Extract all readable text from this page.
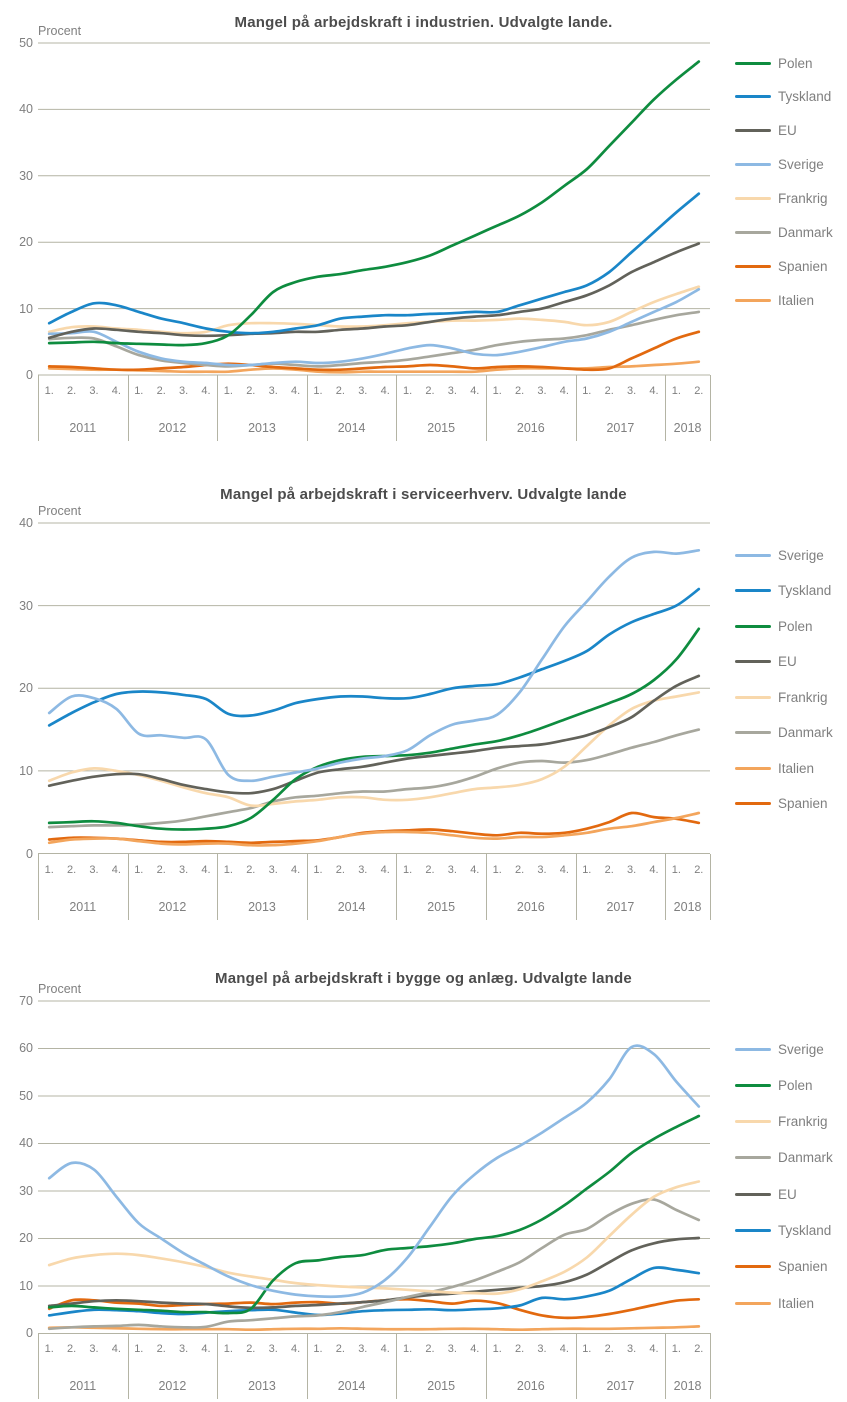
Mangel på arbejdskraft i industrien. Udvalgte lande.
Procent
50
40
30
20
10
0
1.	2.	3.	4.
2011
1.	2.	3.	4.
2012
1.	2.	3.	4.
2013
1.	2.	3.	4.
2014
1.	2.	3.	4.
2015
1.	2.	3.	4.
2016
1.	2.	3.	4.
2017
1.	2.
2018
Polen
Tyskland
EU
Sverige
Frankrig
Danmark
Spanien
Italien
Mangel på arbejdskraft i serviceerhverv. Udvalgte lande
Procent
40
30
20
10
0
1.	2.	3.	4.
2011
1.	2.	3.	4.
2012
1.	2.	3.	4.
2013
1.	2.	3.	4.
2014
1.	2.	3.	4.
2015
1.	2.	3.	4.
2016
1.	2.	3.	4.
2017
1.	2.
2018
Sverige
Tyskland
Polen
EU
Frankrig
Danmark
Italien
Spanien
Mangel på arbejdskraft i bygge og anlæg. Udvalgte lande
Procent
70
60
50
40
30
20
10
0
1.	2.	3.	4.
2011
1.	2.	3.	4.
2012
1.	2.	3.	4.
2013
1.	2.	3.	4.
2014
1.	2.	3.	4.
2015
1.	2.	3.	4.
2016
1.	2.	3.	4.
2017
1.	2.
2018
Sverige
Polen
Frankrig
Danmark
EU
Tyskland
Spanien
Italien
